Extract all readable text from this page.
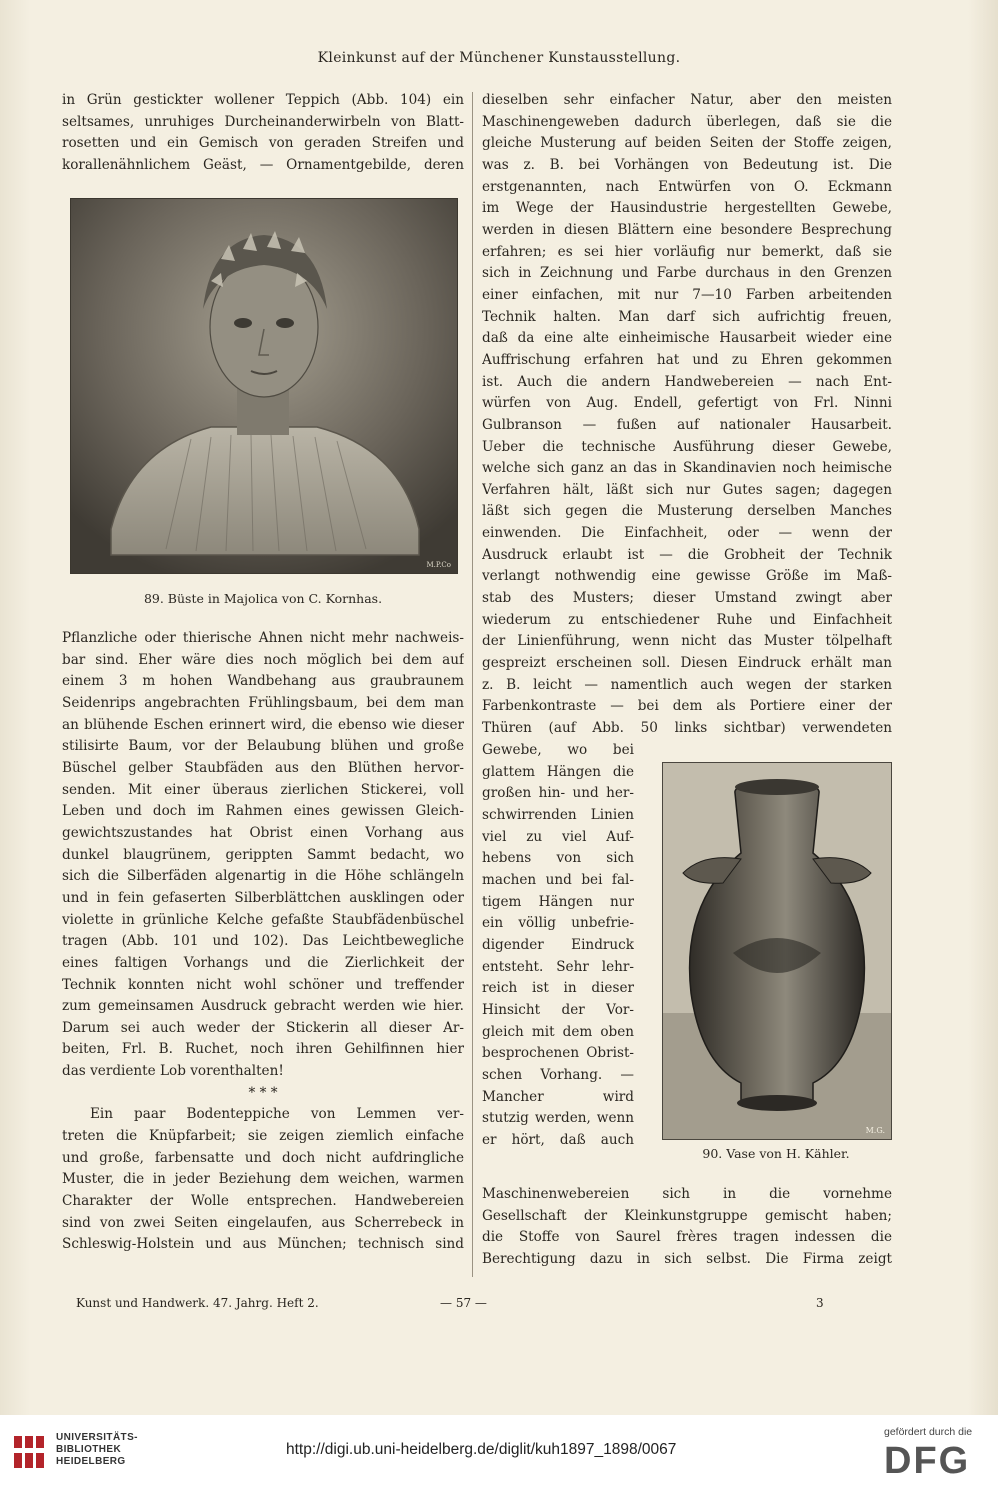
Kleinkunst auf der Münchener Kunstausstellung.

in Grün gestickter wollener Teppich (Abb. 104) ein

seltsames, unruhiges Durcheinanderwirbeln von Blatt-

rosetten und ein Gemisch von geraden Streifen und

korallenähnlichem Geäst, — Ornamentgebilde, deren

M.P.Co
89. Büste in Majolica von C. Kornhas.

Pflanzliche oder thierische Ahnen nicht mehr nachweis-

bar sind. Eher wäre dies noch möglich bei dem auf

einem 3 m hohen Wandbehang aus graubraunem

Seidenrips angebrachten Frühlingsbaum, bei dem man

an blühende Eschen erinnert wird, die ebenso wie dieser

stilisirte Baum, vor der Belaubung blühen und große

Büschel gelber Staubfäden aus den Blüthen hervor-

senden. Mit einer überaus zierlichen Stickerei, voll

Leben und doch im Rahmen eines gewissen Gleich-

gewichtszustandes hat Obrist einen Vorhang aus

dunkel blaugrünem, gerippten Sammt bedacht, wo

sich die Silberfäden algenartig in die Höhe schlängeln

und in fein gefaserten Silberblättchen ausklingen oder

violette in grünliche Kelche gefaßte Staubfädenbüschel

tragen (Abb. 101 und 102). Das Leichtbewegliche

eines faltigen Vorhangs und die Zierlichkeit der

Technik konnten nicht wohl schöner und treffender

zum gemeinsamen Ausdruck gebracht werden wie hier.

Darum sei auch weder der Stickerin all dieser Ar-

beiten, Frl. B. Ruchet, noch ihren Gehilfinnen hier

das verdiente Lob vorenthalten!

* * *

Ein paar Bodenteppiche von Lemmen ver-

treten die Knüpfarbeit; sie zeigen ziemlich einfache

und große, farbensatte und doch nicht aufdringliche

Muster, die in jeder Beziehung dem weichen, warmen

Charakter der Wolle entsprechen. Handwebereien

sind von zwei Seiten eingelaufen, aus Scherrebeck in

Schleswig-Holstein und aus München; technisch sind

dieselben sehr einfacher Natur, aber den meisten

Maschinengeweben dadurch überlegen, daß sie die

gleiche Musterung auf beiden Seiten der Stoffe zeigen,

was z. B. bei Vorhängen von Bedeutung ist. Die

erstgenannten, nach Entwürfen von O. Eckmann

im Wege der Hausindustrie hergestellten Gewebe,

werden in diesen Blättern eine besondere Besprechung

erfahren; es sei hier vorläufig nur bemerkt, daß sie

sich in Zeichnung und Farbe durchaus in den Grenzen

einer einfachen, mit nur 7—10 Farben arbeitenden

Technik halten. Man darf sich aufrichtig freuen,

daß da eine alte einheimische Hausarbeit wieder eine

Auffrischung erfahren hat und zu Ehren gekommen

ist. Auch die andern Handwebereien — nach Ent-

würfen von Aug. Endell, gefertigt von Frl. Ninni

Gulbranson — fußen auf nationaler Hausarbeit.

Ueber die technische Ausführung dieser Gewebe,

welche sich ganz an das in Skandinavien noch heimische

Verfahren hält, läßt sich nur Gutes sagen; dagegen

läßt sich gegen die Musterung derselben Manches

einwenden. Die Einfachheit, oder — wenn der

Ausdruck erlaubt ist — die Grobheit der Technik

verlangt nothwendig eine gewisse Größe im Maß-

stab des Musters; dieser Umstand zwingt aber

wiederum zu entschiedener Ruhe und Einfachheit

der Linienführung, wenn nicht das Muster tölpelhaft

gespreizt erscheinen soll. Diesen Eindruck erhält man

z. B. leicht — namentlich auch wegen der starken

Farbenkontraste — bei dem als Portiere einer der

Thüren (auf Abb. 50 links sichtbar) verwendeten

Gewebe, wo bei

glattem Hängen die

großen hin- und her-

schwirrenden Linien

viel zu viel Auf-

hebens von sich

machen und bei fal-

tigem Hängen nur

ein völlig unbefrie-

digender Eindruck

entsteht. Sehr lehr-

reich ist in dieser

Hinsicht der Vor-

gleich mit dem oben

besprochenen Obrist-

schen Vorhang. —

Mancher wird

stutzig werden, wenn

er hört, daß auch

M.G.
90. Vase von H. Kähler.

Maschinenwebereien sich in die vornehme

Gesellschaft der Kleinkunstgruppe gemischt haben;

die Stoffe von Saurel frères tragen indessen die

Berechtigung dazu in sich selbst. Die Firma zeigt

Kunst und Handwerk. 47. Jahrg. Heft 2.	— 57 —	3
UNIVERSITÄTS-
BIBLIOTHEK
HEIDELBERG
http://digi.ub.uni-heidelberg.de/diglit/kuh1897_1898/0067
gefördert durch die
DFG
